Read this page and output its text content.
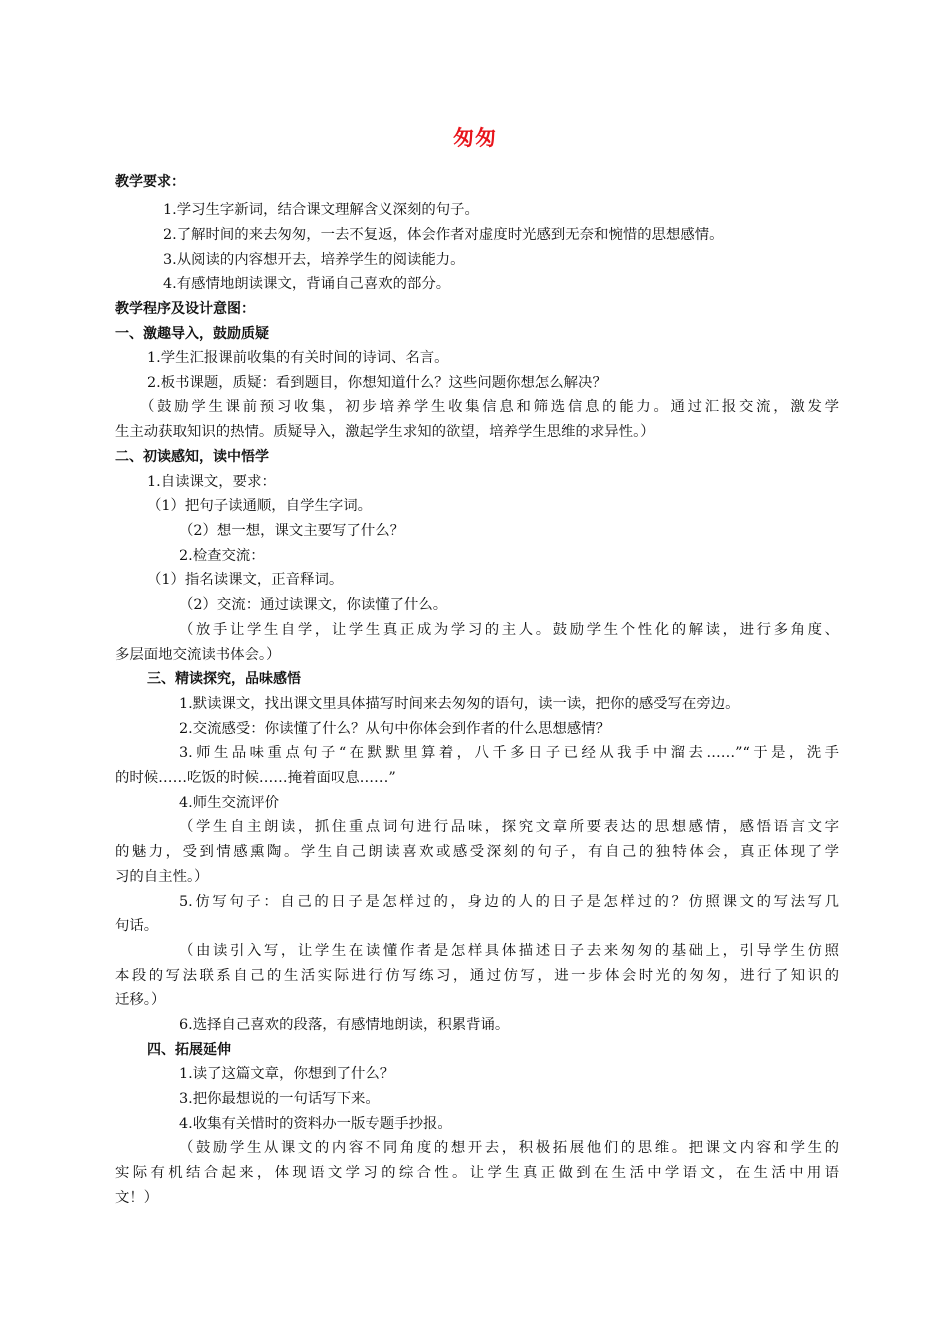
匆匆
教学要求：
1.学习生字新词，结合课文理解含义深刻的句子。
2.了解时间的来去匆匆，一去不复返，体会作者对虚度时光感到无奈和惋惜的思想感情。
3.从阅读的内容想开去，培养学生的阅读能力。
4.有感情地朗读课文，背诵自己喜欢的部分。
教学程序及设计意图：
一、激趣导入，鼓励质疑
1.学生汇报课前收集的有关时间的诗词、名言。
2.板书课题，质疑：看到题目，你想知道什么？这些问题你想怎么解决？
（鼓励学生课前预习收集，初步培养学生收集信息和筛选信息的能力。通过汇报交流，激发学
生主动获取知识的热情。质疑导入，激起学生求知的欲望，培养学生思维的求异性。）
二、初读感知，读中悟学
1.自读课文，要求：
（1）把句子读通顺，自学生字词。
（2）想一想，课文主要写了什么？
2.检查交流：
（1）指名读课文，正音释词。
（2）交流：通过读课文，你读懂了什么。
（放手让学生自学，让学生真正成为学习的主人。鼓励学生个性化的解读，进行多角度、
多层面地交流读书体会。）
三、精读探究，品味感悟
1.默读课文，找出课文里具体描写时间来去匆匆的语句，读一读，把你的感受写在旁边。
2.交流感受：你读懂了什么？从句中你体会到作者的什么思想感情？
3.师生品味重点句子“在默默里算着，八千多日子已经从我手中溜去……”“于是，洗手
的时候……吃饭的时候……掩着面叹息……”
4.师生交流评价
（学生自主朗读，抓住重点词句进行品味，探究文章所要表达的思想感情，感悟语言文字
的魅力，受到情感熏陶。学生自己朗读喜欢或感受深刻的句子，有自己的独特体会，真正体现了学
习的自主性。）
5.仿写句子：自己的日子是怎样过的，身边的人的日子是怎样过的？仿照课文的写法写几
句话。
（由读引入写，让学生在读懂作者是怎样具体描述日子去来匆匆的基础上，引导学生仿照
本段的写法联系自己的生活实际进行仿写练习，通过仿写，进一步体会时光的匆匆，进行了知识的
迁移。）
6.选择自己喜欢的段落，有感情地朗读，积累背诵。
四、拓展延伸
1.读了这篇文章，你想到了什么？
3.把你最想说的一句话写下来。
4.收集有关惜时的资料办一版专题手抄报。
（鼓励学生从课文的内容不同角度的想开去，积极拓展他们的思维。把课文内容和学生的
实际有机结合起来，体现语文学习的综合性。让学生真正做到在生活中学语文，在生活中用语
文！）
